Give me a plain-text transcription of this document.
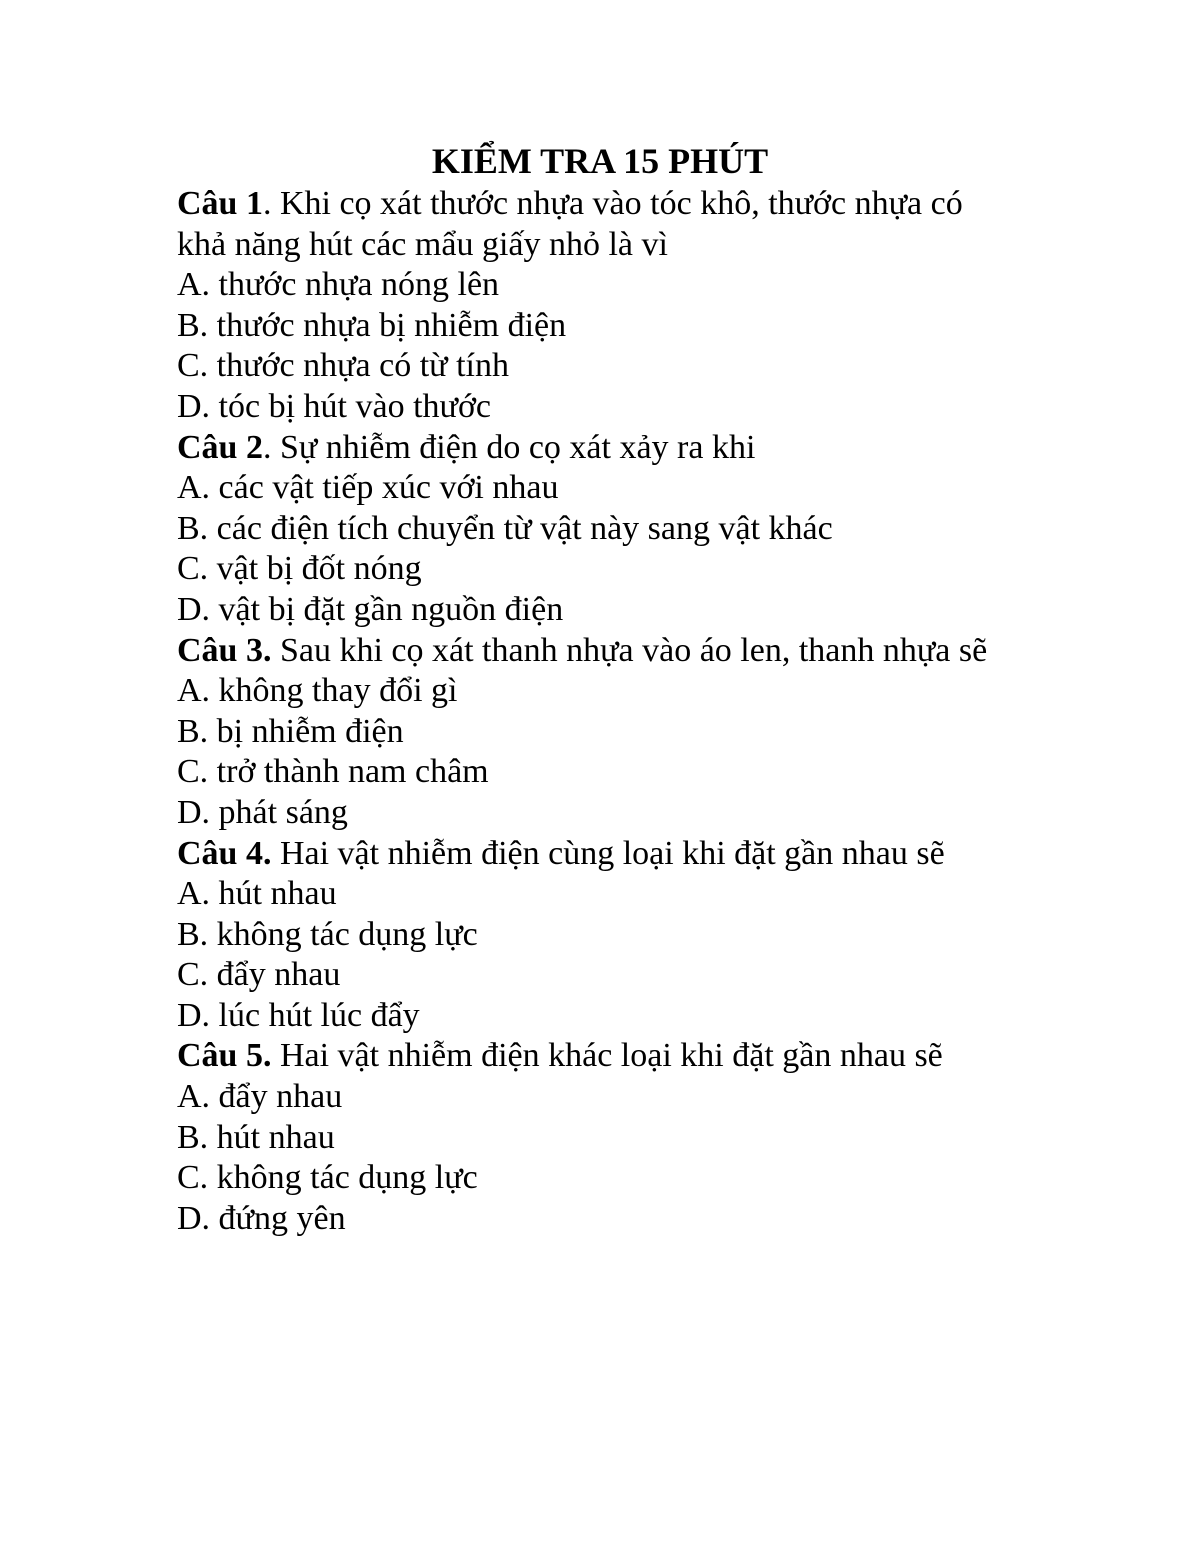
KIỂM TRA 15 PHÚT
Câu 1. Khi cọ xát thước nhựa vào tóc khô, thước nhựa có
khả năng hút các mẩu giấy nhỏ là vì
A. thước nhựa nóng lên
B. thước nhựa bị nhiễm điện
C. thước nhựa có từ tính
D. tóc bị hút vào thước
Câu 2. Sự nhiễm điện do cọ xát xảy ra khi
A. các vật tiếp xúc với nhau
B. các điện tích chuyển từ vật này sang vật khác
C. vật bị đốt nóng
D. vật bị đặt gần nguồn điện
Câu 3. Sau khi cọ xát thanh nhựa vào áo len, thanh nhựa sẽ
A. không thay đổi gì
B. bị nhiễm điện
C. trở thành nam châm
D. phát sáng
Câu 4. Hai vật nhiễm điện cùng loại khi đặt gần nhau sẽ
A. hút nhau
B. không tác dụng lực
C. đẩy nhau
D. lúc hút lúc đẩy
Câu 5. Hai vật nhiễm điện khác loại khi đặt gần nhau sẽ
A. đẩy nhau
B. hút nhau
C. không tác dụng lực
D. đứng yên
